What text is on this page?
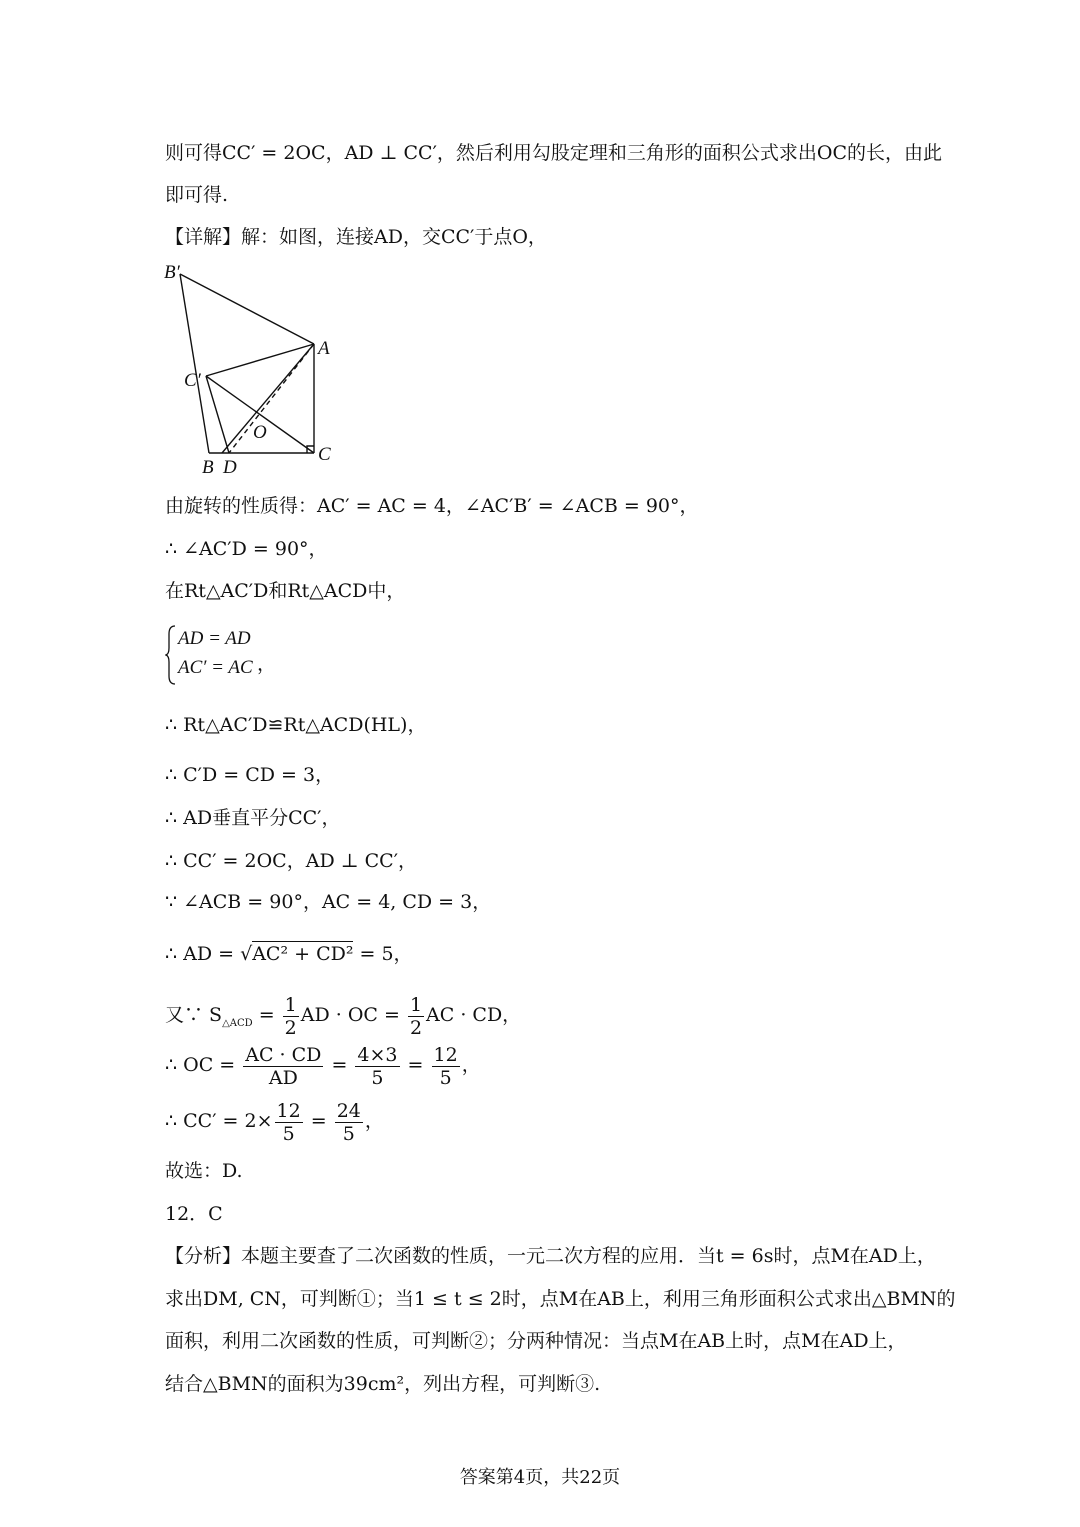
则可得CC′ = 2OC，AD ⊥ CC′，然后利用勾股定理和三角形的面积公式求出OC的长，由此
即可得.
【详解】解：如图，连接AD，交CC′于点O，
B′
A
C′
O
B D
C
由旋转的性质得：AC′ = AC = 4，∠AC′B′ = ∠ACB = 90°，
∴ ∠AC′D = 90°，
在Rt△AC′D和Rt△ACD中，
AD = AD
AC′ = AC ，
∴ Rt△AC′D≌Rt△ACD(HL)，
∴ C′D = CD = 3，
∴ AD垂直平分CC′，
∴ CC′ = 2OC，AD ⊥ CC′，
∵ ∠ACB = 90°，AC = 4, CD = 3，
∴ AD = √AC² + CD² = 5，
又∵ $S_{\triangle ACD} = \frac{1}{2}$ AD · OC = $\frac{1}{2}$ AC · CD，
∴ OC = $\frac{AC \cdot CD}{AD} = \frac{4\times 3}{5} = \frac{12}{5}$ ，
∴ $CC' = 2\times \frac{12}{5} = \frac{24}{5}$ ，
故选：D.
12．C
【分析】本题主要查了二次函数的性质，一元二次方程的应用．当t = 6s时，点M在AD上，
求出DM, CN，可判断①；当1 ≤ t ≤ 2时，点M在AB上，利用三角形面积公式求出△BMN的
面积，利用二次函数的性质，可判断②；分两种情况：当点M在AB上时，点M在AD上，
结合△BMN的面积为39cm²，列出方程，可判断③.
答案第4页，共22页
